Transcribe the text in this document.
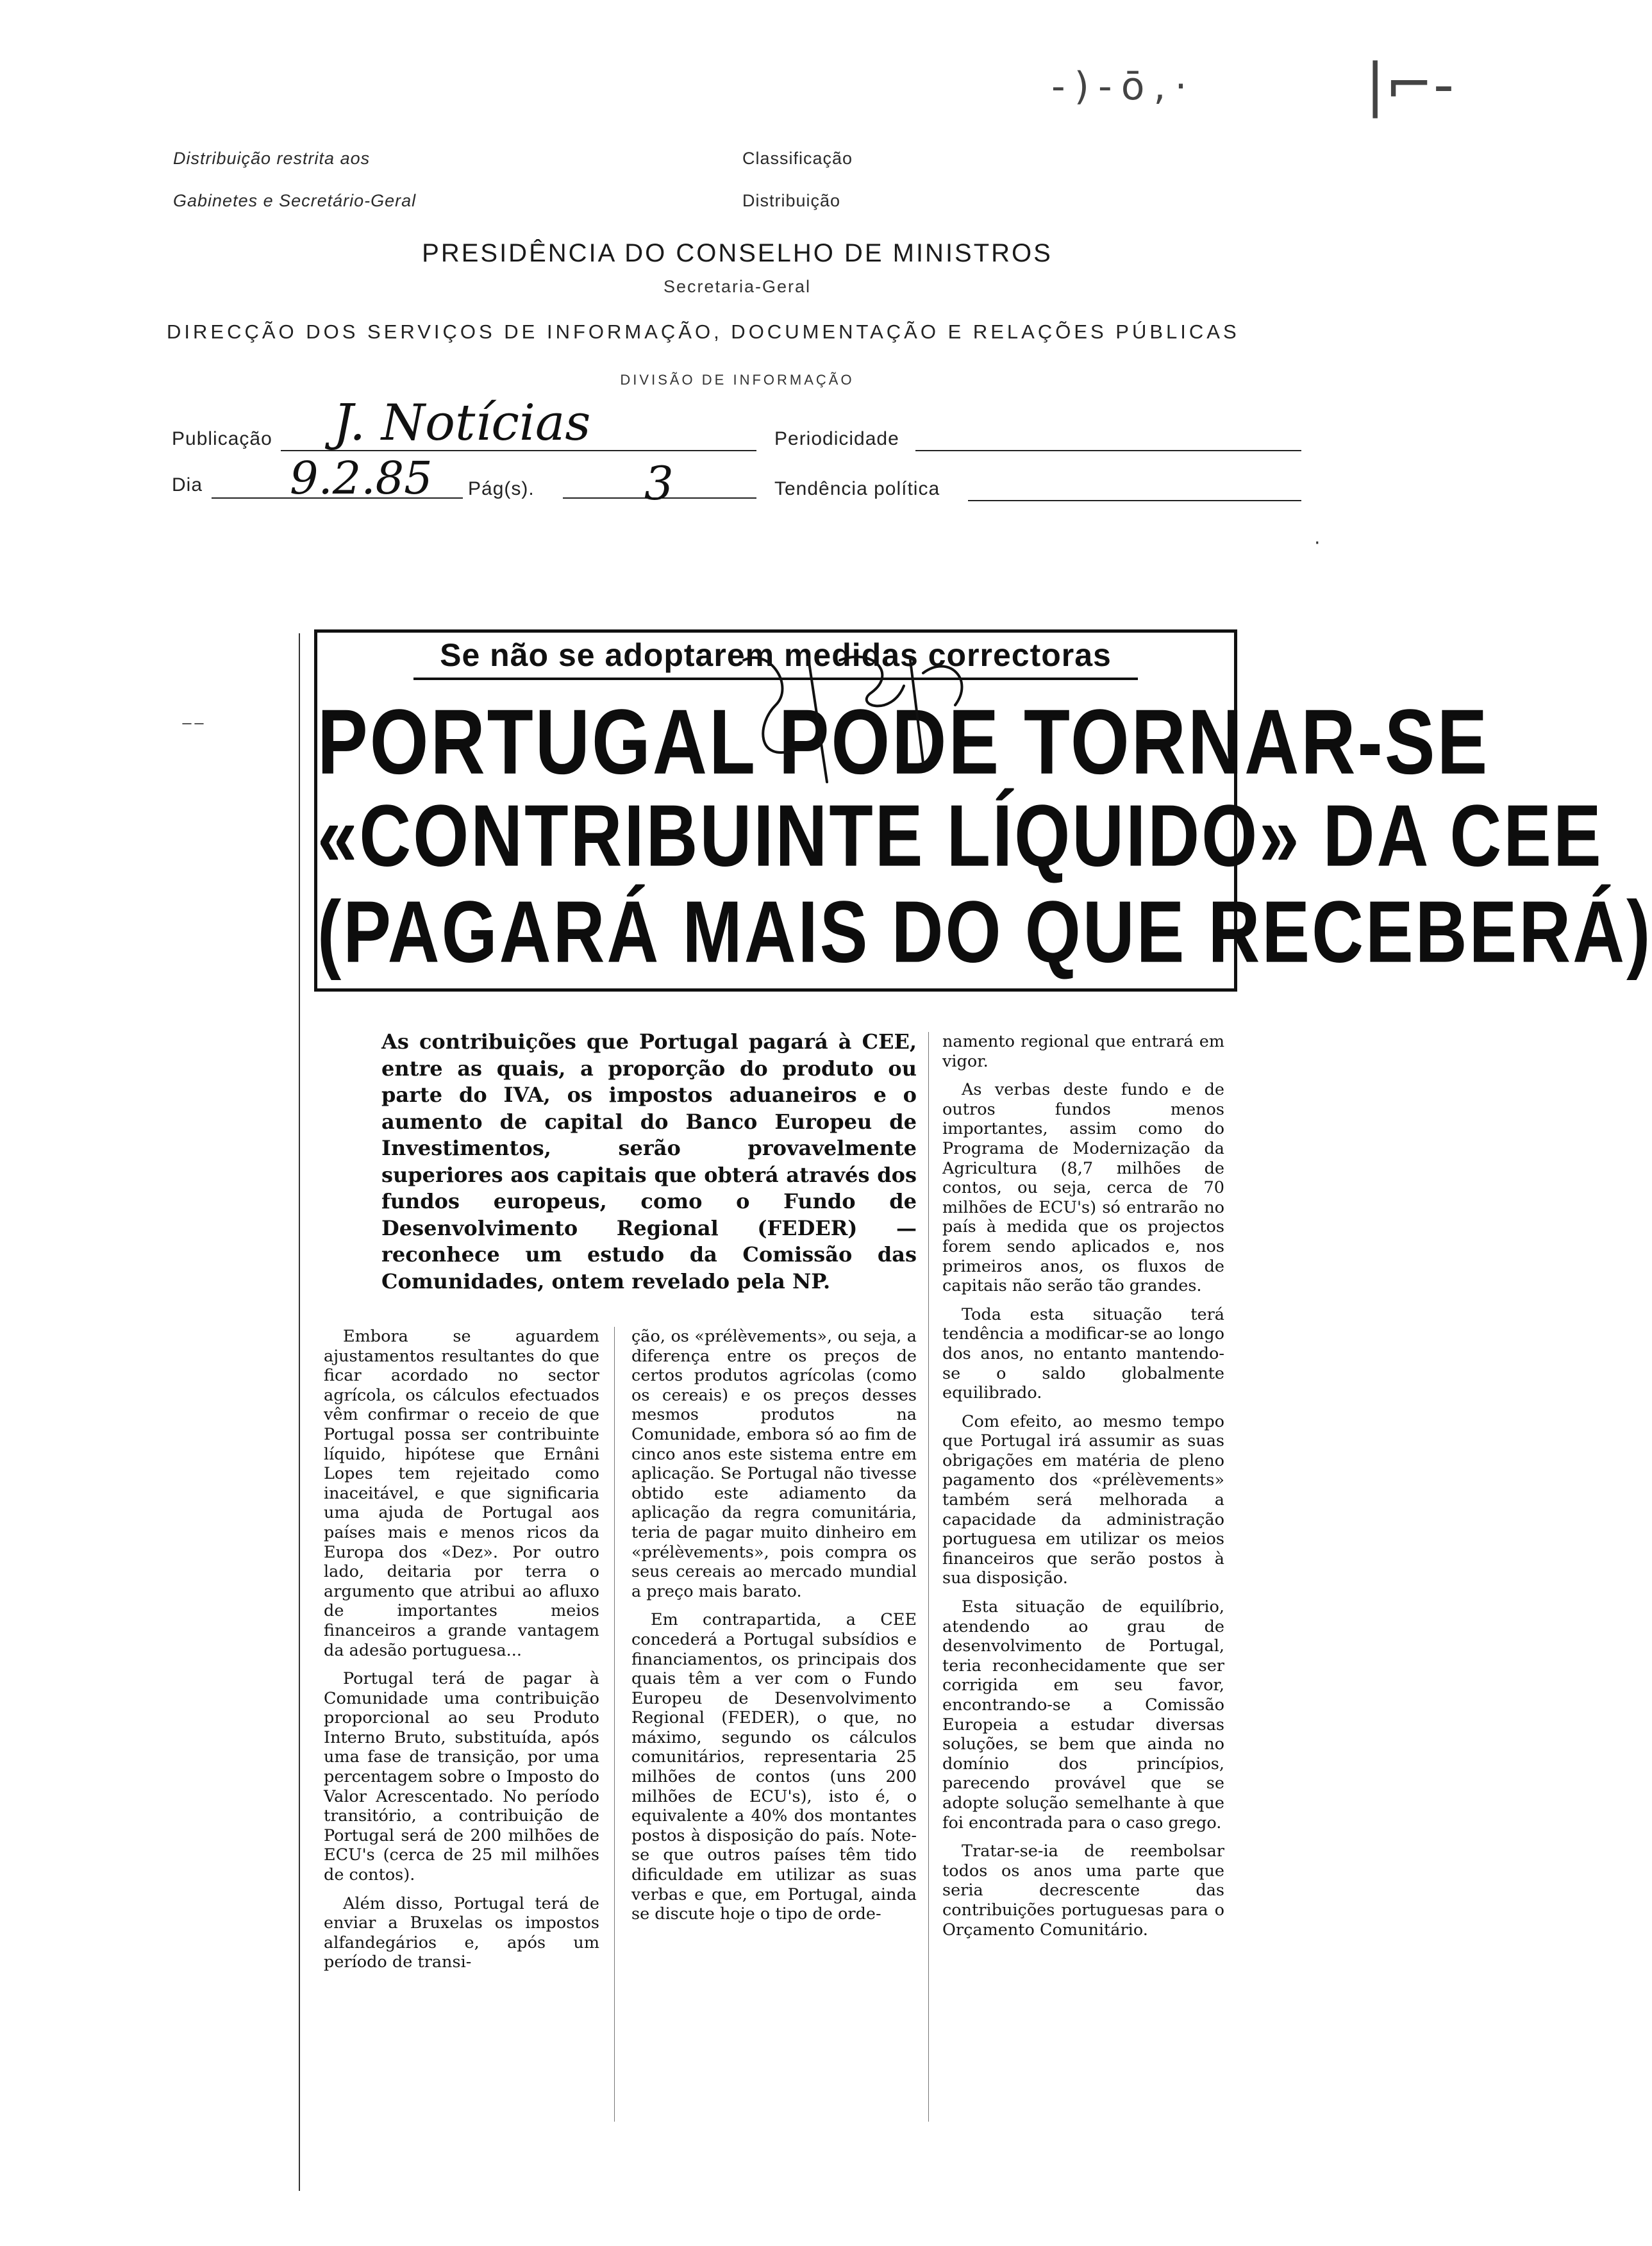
Distribuição restrita aos
Gabinetes e Secretário-Geral
Classificação
Distribuição
-)-ō,·	|⌐-
PRESIDÊNCIA DO CONSELHO DE MINISTROS
Secretaria-Geral
DIRECÇÃO DOS SERVIÇOS DE INFORMAÇÃO, DOCUMENTAÇÃO E RELAÇÕES PÚBLICAS
DIVISÃO DE INFORMAÇÃO
Publicação J. Notícias	Periodicidade
Dia 9.2.85 Pág(s). 3	Tendência política
·
⁻⁻
Se não se adoptarem medidas correctoras
PORTUGAL PODE TORNAR-SE
«CONTRIBUINTE LÍQUIDO» DA CEE
(PAGARÁ MAIS DO QUE RECEBERÁ)
As contribuições que Portugal pagará à CEE, entre as quais, a proporção do produto ou parte do IVA, os impostos aduaneiros e o aumento de capital do Banco Europeu de Investimentos, serão provavelmente superiores aos capitais que obterá através dos fundos europeus, como o Fundo de Desenvolvimento Regional (FEDER) — reconhece um estudo da Comissão das Comunidades, ontem revelado pela NP.

Embora se aguardem ajustamentos resultantes do que ficar acordado no sector agrícola, os cálculos efectuados vêm confirmar o receio de que Portugal possa ser contribuinte líquido, hipótese que Ernâni Lopes tem rejeitado como inaceitável, e que significaria uma ajuda de Portugal aos países mais e menos ricos da Europa dos «Dez». Por outro lado, deitaria por terra o argumento que atribui ao afluxo de importantes meios financeiros a grande vantagem da adesão portuguesa...

Portugal terá de pagar à Comunidade uma contribuição proporcional ao seu Produto Interno Bruto, substituída, após uma fase de transição, por uma percentagem sobre o Imposto do Valor Acrescentado. No período transitório, a contribuição de Portugal será de 200 milhões de ECU's (cerca de 25 mil milhões de contos).

Além disso, Portugal terá de enviar a Bruxelas os impostos alfandegários e, após um período de transi-

ção, os «prélèvements», ou seja, a diferença entre os preços de certos produtos agrícolas (como os cereais) e os preços desses mesmos produtos na Comunidade, embora só ao fim de cinco anos este sistema entre em aplicação. Se Portugal não tivesse obtido este adiamento da aplicação da regra comunitária, teria de pagar muito dinheiro em «prélèvements», pois compra os seus cereais ao mercado mundial a preço mais barato.

Em contrapartida, a CEE concederá a Portugal subsídios e financiamentos, os principais dos quais têm a ver com o Fundo Europeu de Desenvolvimento Regional (FEDER), o que, no máximo, segundo os cálculos comunitários, representaria 25 milhões de contos (uns 200 milhões de ECU's), isto é, o equivalente a 40% dos montantes postos à disposição do país. Note-se que outros países têm tido dificuldade em utilizar as suas verbas e que, em Portugal, ainda se discute hoje o tipo de orde-

namento regional que entrará em vigor.

As verbas deste fundo e de outros fundos menos importantes, assim como do Programa de Modernização da Agricultura (8,7 milhões de contos, ou seja, cerca de 70 milhões de ECU's) só entrarão no país à medida que os projectos forem sendo aplicados e, nos primeiros anos, os fluxos de capitais não serão tão grandes.

Toda esta situação terá tendência a modificar-se ao longo dos anos, no entanto mantendo-se o saldo globalmente equilibrado.

Com efeito, ao mesmo tempo que Portugal irá assumir as suas obrigações em matéria de pleno pagamento dos «prélèvements» também será melhorada a capacidade da administração portuguesa em utilizar os meios financeiros que serão postos à sua disposição.

Esta situação de equilíbrio, atendendo ao grau de desenvolvimento de Portugal, teria reconhecidamente que ser corrigida em seu favor, encontrando-se a Comissão Europeia a estudar diversas soluções, se bem que ainda no domínio dos princípios, parecendo provável que se adopte solução semelhante à que foi encontrada para o caso grego.

Tratar-se-ia de reembolsar todos os anos uma parte que seria decrescente das contribuições portuguesas para o Orçamento Comunitário.
